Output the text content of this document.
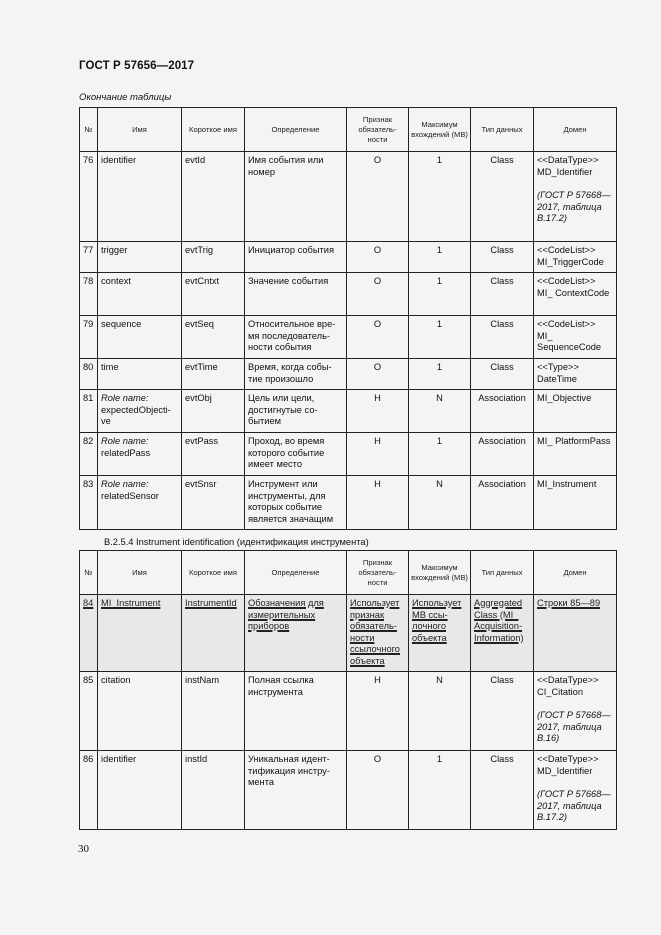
ГОСТ Р 57656—2017
Окончание таблицы
№	Имя	Короткое имя	Определение	Признак обязатель-ности	Максимум вхождений (MB)	Тип данных	Домен
76	identifier	evtId	Имя события или номер	O	1	Class	<<DataType>> MD_Identifier
(ГОСТ Р 57668—2017, таблица В.17.2)

77	trigger	evtTrig	Инициатор события	O	1	Class	<<CodeList>> MI_TriggerCode
78	context	evtCntxt	Значение события	O	1	Class	<<CodeList>> MI_ ContextCode
79	sequence	evtSeq	Относительное вре-мя последователь-ности события	O	1	Class	<<CodeList>> MI_ SequenceCode
80	time	evtTime	Время, когда собы-тие произошло	O	1	Class	<<Type>> DateTime
81	Role name: expectedObjecti-ve	evtObj	Цель или цели, достигнутые со-бытием	H	N	Association	MI_Objective
82	Role name: relatedPass	evtPass	Проход, во время которого событие имеет место	H	1	Association	MI_ PlatformPass
83	Role name: relatedSensor	evtSnsr	Инструмент или инструменты, для которых событие является значащим	H	N	Association	MI_Instrument
B.2.5.4 Instrument identification (идентификация инструмента)
№	Имя	Короткое имя	Определение	Признак обязатель-ности	Максимум вхождений (MB)	Тип данных	Домен
84	MI_Instrument	InstrumentId	Обозначения для измерительных приборов	Использует признак обязатель-ности ссылочного объекта	Использует MB ссы-лочного объекта	Aggregated Class (MI_ Acquisition-Information)	Строки 85—89
85	citation	instNam	Полная ссылка инструмента	H	N	Class	<<DataType>> CI_Citation
(ГОСТ Р 57668—2017, таблица В.16)

86	identifier	instId	Уникальная идент-тификация инстру-мента	O	1	Class	<<DateType>> MD_Identifier
(ГОСТ Р 57668—2017, таблица В.17.2)
30
